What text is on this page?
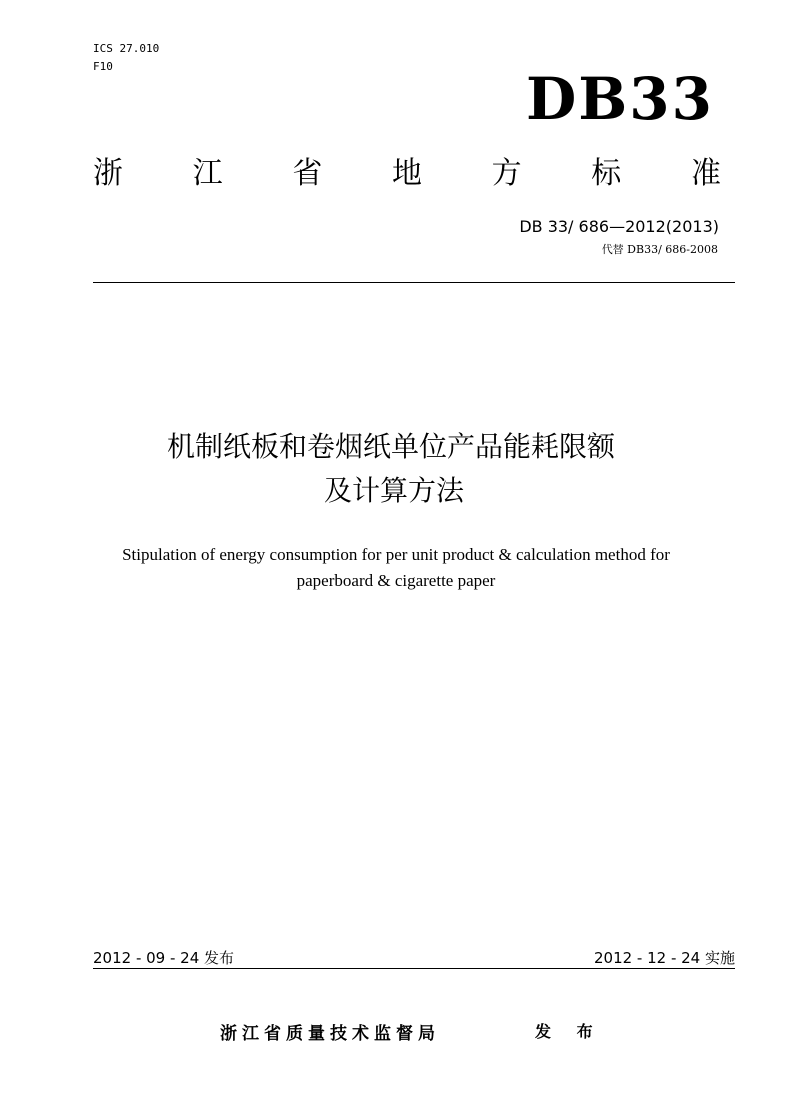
ICS 27.010
F10	DB33
浙 江 省 地 方 标 准
DB 33/ 686—2012(2013)
代替 DB33/ 686-2008
机制纸板和卷烟纸单位产品能耗限额
及计算方法
Stipulation of energy consumption for per unit product & calculation method for
paperboard & cigarette paper
2012 - 09 - 24 发布	2012 - 12 - 24 实施
浙江省质量技术监督局	发 布
